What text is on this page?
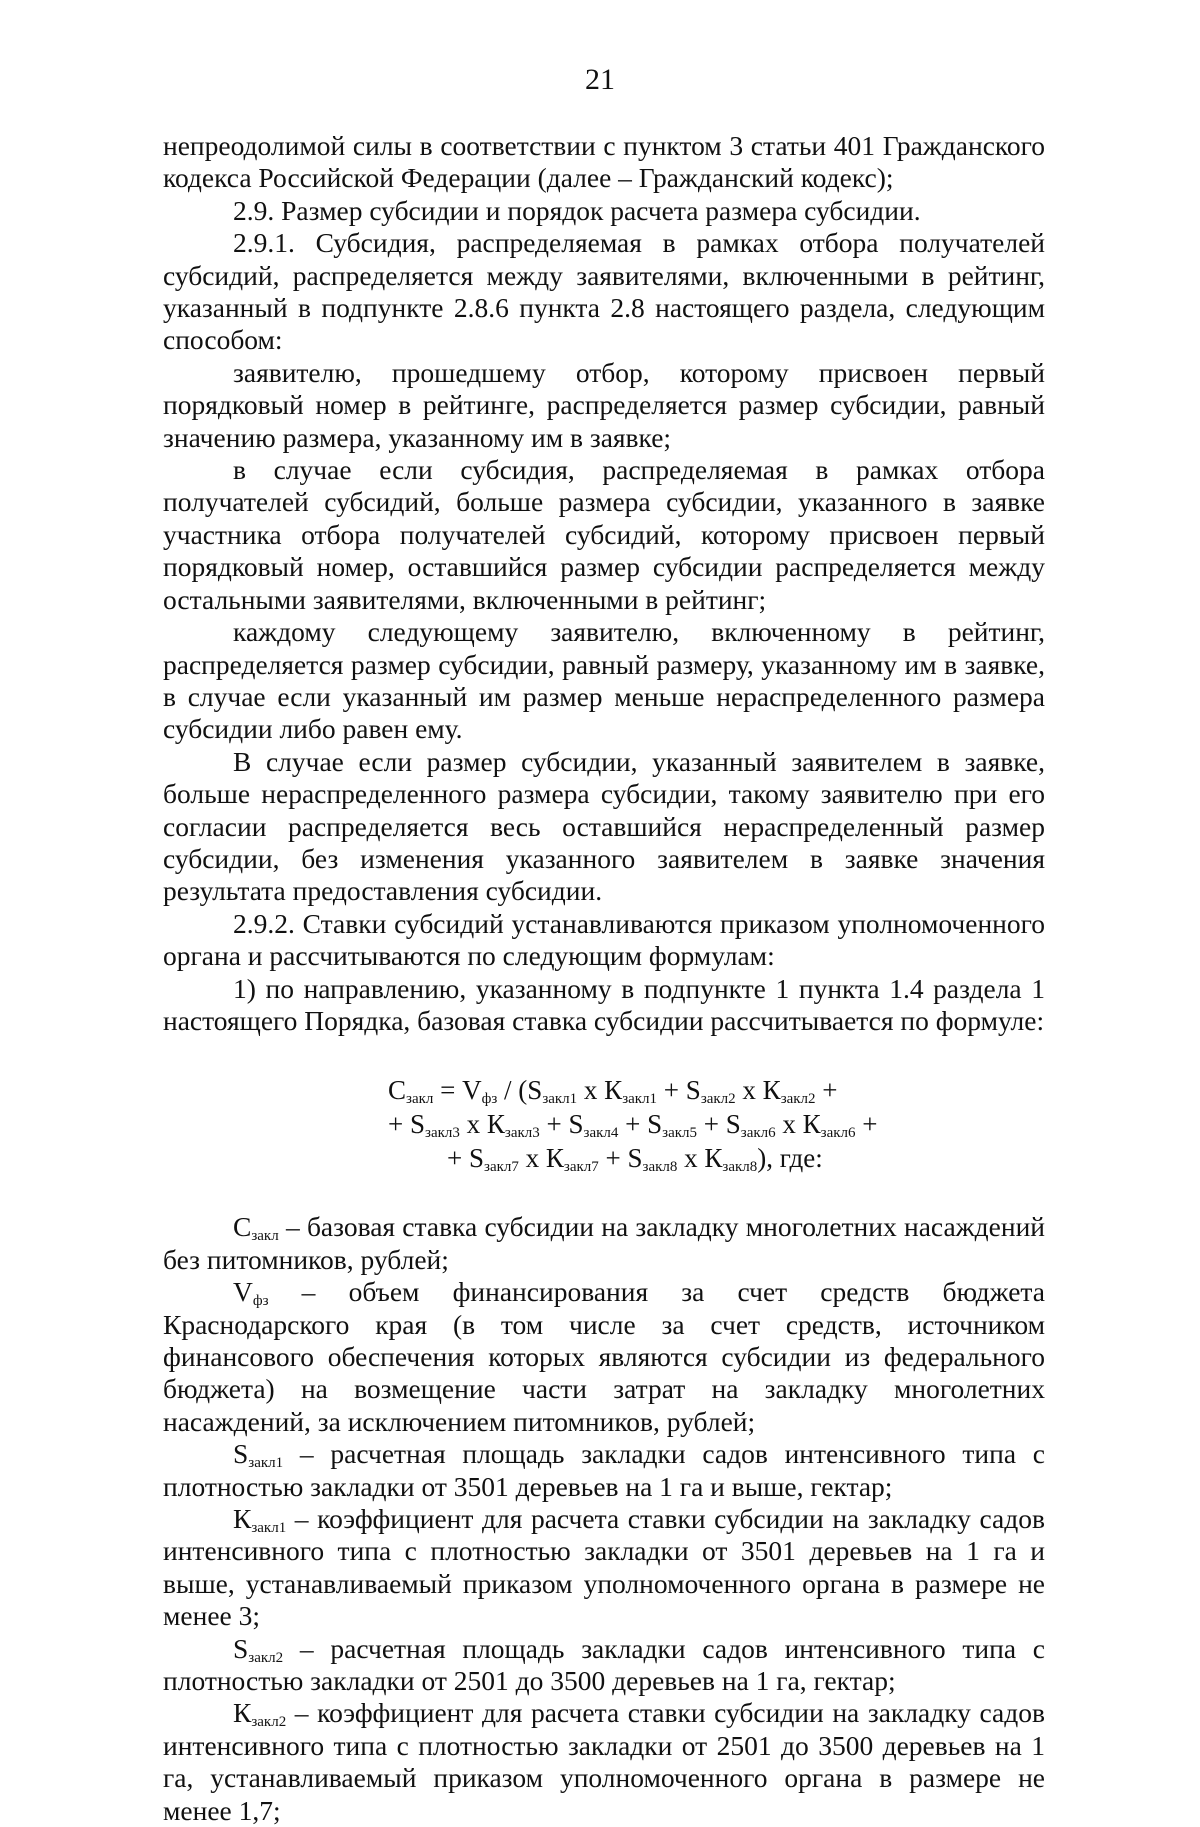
21

непреодолимой силы в соответствии с пунктом 3 статьи 401 Гражданского кодекса Российской Федерации (далее – Гражданский кодекс);

2.9. Размер субсидии и порядок расчета размера субсидии.

2.9.1. Субсидия, распределяемая в рамках отбора получателей субсидий, распределяется между заявителями, включенными в рейтинг, указанный в подпункте 2.8.6 пункта 2.8 настоящего раздела, следующим способом:

заявителю, прошедшему отбор, которому присвоен первый порядковый номер в рейтинге, распределяется размер субсидии, равный значению размера, указанному им в заявке;

в случае если субсидия, распределяемая в рамках отбора получателей субсидий, больше размера субсидии, указанного в заявке участника отбора получателей субсидий, которому присвоен первый порядковый номер, оставшийся размер субсидии распределяется между остальными заявителями, включенными в рейтинг;

каждому следующему заявителю, включенному в рейтинг, распределяется размер субсидии, равный размеру, указанному им в заявке, в случае если указанный им размер меньше нераспределенного размера субсидии либо равен ему.

В случае если размер субсидии, указанный заявителем в заявке, больше нераспределенного размера субсидии, такому заявителю при его согласии распределяется весь оставшийся нераспределенный размер субсидии, без изменения указанного заявителем в заявке значения результата предоставления субсидии.

2.9.2. Ставки субсидий устанавливаются приказом уполномоченного органа и рассчитываются по следующим формулам:

1) по направлению, указанному в подпункте 1 пункта 1.4 раздела 1 настоящего Порядка, базовая ставка субсидии рассчитывается по формуле:

$С_{закл} = V_{фз} / (S_{закл1}$ х $К_{закл1} + S_{закл2}$ х $К_{закл2}$ +
+ $S_{закл3}$ х $К_{закл3} + S_{закл4} + S_{закл5} + S_{закл6}$ х $К_{закл6}$ +
+ $S_{закл7}$ х $К_{закл7} + S_{закл8}$ х $К_{закл8}$), где:

$С_{закл}$ – базовая ставка субсидии на закладку многолетних насаждений без питомников, рублей;

$V_{фз}$ – объем финансирования за счет средств бюджета Краснодарского края (в том числе за счет средств, источником финансового обеспечения которых являются субсидии из федерального бюджета) на возмещение части затрат на закладку многолетних насаждений, за исключением питомников, рублей;

$S_{закл1}$ – расчетная площадь закладки садов интенсивного типа с плотностью закладки от 3501 деревьев на 1 га и выше, гектар;

$К_{закл1}$ – коэффициент для расчета ставки субсидии на закладку садов интенсивного типа с плотностью закладки от 3501 деревьев на 1 га и выше, устанавливаемый приказом уполномоченного органа в размере не менее 3;

$S_{закл2}$ – расчетная площадь закладки садов интенсивного типа с плотностью закладки от 2501 до 3500 деревьев на 1 га, гектар;

$К_{закл2}$ – коэффициент для расчета ставки субсидии на закладку садов интенсивного типа с плотностью закладки от 2501 до 3500 деревьев на 1 га, устанавливаемый приказом уполномоченного органа в размере не менее 1,7;
